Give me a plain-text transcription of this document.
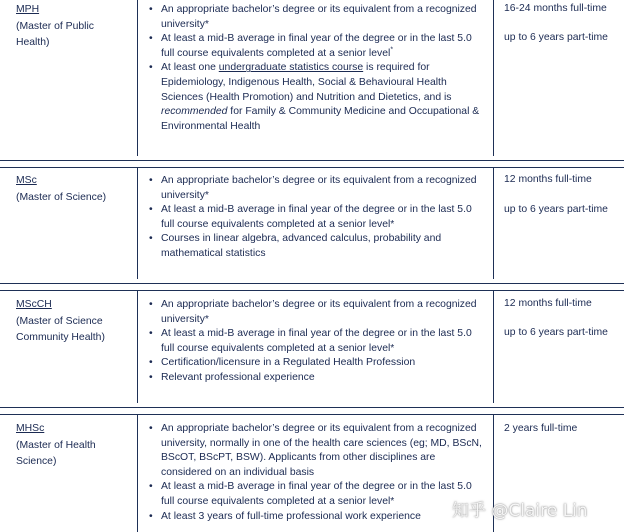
MPH
(Master of Public Health)
• An appropriate bachelor’s degree or its equivalent from a recognized university*
• At least a mid-B average in final year of the degree or in the last 5.0 full course equivalents completed at a senior level*
• At least one undergraduate statistics course is required for Epidemiology, Indigenous Health, Social & Behavioural Health Sciences (Health Promotion) and Nutrition and Dietetics, and is recommended for Family & Community Medicine and Occupational & Environmental Health
16-24 months full-time
up to 6 years part-time
MSc
(Master of Science)
• An appropriate bachelor’s degree or its equivalent from a recognized university*
• At least a mid-B average in final year of the degree or in the last 5.0 full course equivalents completed at a senior level*
• Courses in linear algebra, advanced calculus, probability and mathematical statistics
12 months full-time
up to 6 years part-time
MScCH
(Master of Science Community Health)
• An appropriate bachelor’s degree or its equivalent from a recognized university*
• At least a mid-B average in final year of the degree or in the last 5.0 full course equivalents completed at a senior level*
• Certification/licensure in a Regulated Health Profession
• Relevant professional experience
12 months full-time
up to 6 years part-time
MHSc
(Master of Health Science)
• An appropriate bachelor’s degree or its equivalent from a recognized university, normally in one of the health care sciences (eg; MD, BScN, BScOT, BScPT, BSW). Applicants from other disciplines are considered on an individual basis
• At least a mid-B average in final year of the degree or in the last 5.0 full course equivalents completed at a senior level*
• At least 3 years of full-time professional work experience
2 years full-time
知乎 @Claire Lin
